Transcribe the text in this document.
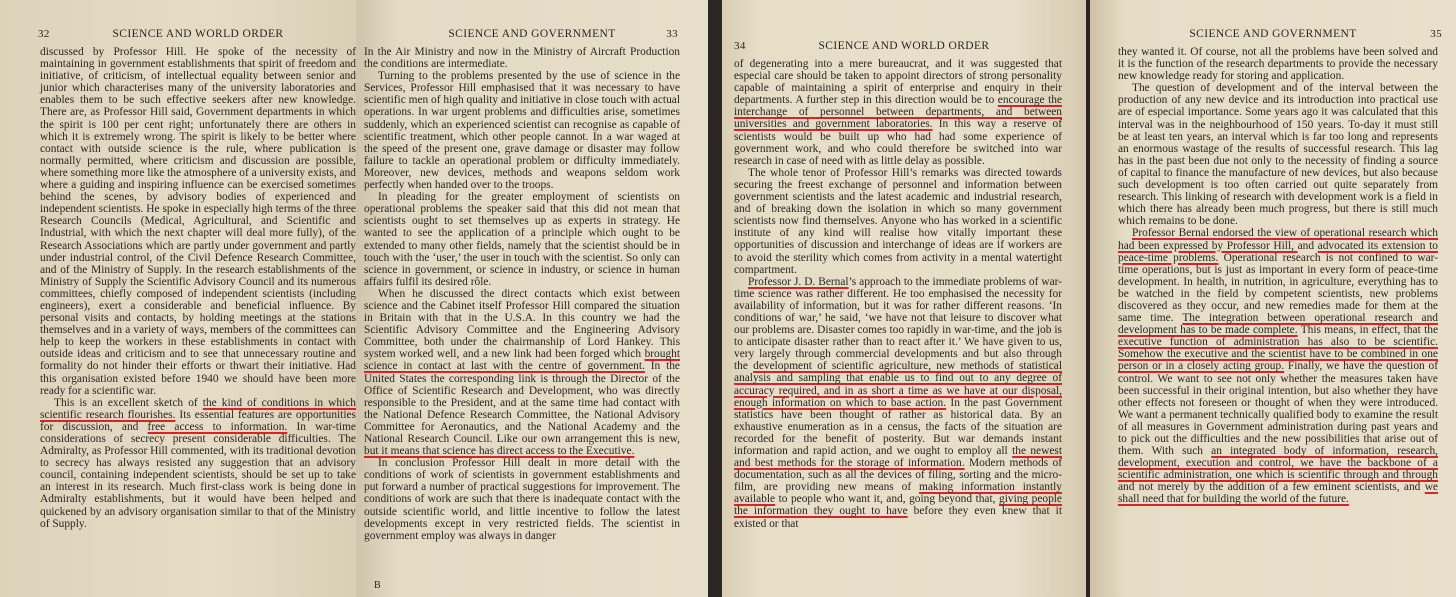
32	SCIENCE AND WORLD ORDER

discussed by Professor Hill. He spoke of the necessity of maintaining in government establishments that spirit of freedom and initiative, of criticism, of intellectual equality between senior and junior which characterises many of the university laboratories and enables them to be such effective seekers after new knowledge. There are, as Professor Hill said, Government departments in which the spirit is 100 per cent right; unfortunately there are others in which it is extremely wrong. The spirit is likely to be better where contact with outside science is the rule, where publication is normally permitted, where criticism and discussion are possible, where something more like the atmosphere of a university exists, and where a guiding and inspiring influence can be exercised sometimes behind the scenes, by advisory bodies of experienced and independent scientists. He spoke in especially high terms of the three Research Councils (Medical, Agricultural, and Scientific and Industrial, with which the next chapter will deal more fully), of the Research Associations which are partly under government and partly under industrial control, of the Civil Defence Research Committee, and of the Ministry of Supply. In the research establishments of the Ministry of Supply the Scientific Advisory Council and its numerous committees, chiefly composed of independent scientists (including engineers), exert a considerable and beneficial influence. By personal visits and contacts, by holding meetings at the stations themselves and in a variety of ways, members of the committees can help to keep the workers in these establishments in contact with outside ideas and criticism and to see that unnecessary routine and formality do not hinder their efforts or thwart their initiative. Had this organisation existed before 1940 we should have been more ready for a scientific war.

This is an excellent sketch of the kind of conditions in which scientific research flourishes. Its essential features are opportunities for discussion, and free access to information. In war-time considerations of secrecy present considerable difficulties. The Admiralty, as Professor Hill commented, with its traditional devotion to secrecy has always resisted any suggestion that an advisory council, containing independent scientists, should be set up to take an interest in its research. Much first-class work is being done in Admiralty establishments, but it would have been helped and quickened by an advisory organisation similar to that of the Ministry of Supply.

SCIENCE AND GOVERNMENT	33

In the Air Ministry and now in the Ministry of Aircraft Production the conditions are intermediate.

Turning to the problems presented by the use of science in the Services, Professor Hill emphasised that it was necessary to have scientific men of high quality and initiative in close touch with actual operations. In war urgent problems and difficulties arise, sometimes suddenly, which an experienced scientist can recognise as capable of scientific treatment, which other people cannot. In a war waged at the speed of the present one, grave damage or disaster may follow failure to tackle an operational problem or difficulty immediately. Moreover, new devices, methods and weapons seldom work perfectly when handed over to the troops.

In pleading for the greater employment of scientists on operational problems the speaker said that this did not mean that scientists ought to set themselves up as experts in strategy. He wanted to see the application of a principle which ought to be extended to many other fields, namely that the scientist should be in touch with the ‘user,’ the user in touch with the scientist. So only can science in government, or science in industry, or science in human affairs fulfil its desired rôle.

When he discussed the direct contacts which exist between science and the Cabinet itself Professor Hill compared the situation in Britain with that in the U.S.A. In this country we had the Scientific Advisory Committee and the Engineering Advisory Committee, both under the chairmanship of Lord Hankey. This system worked well, and a new link had been forged which brought science in contact at last with the centre of government. In the United States the corresponding link is through the Director of the Office of Scientific Research and Development, who was directly responsible to the President, and at the same time had contact with the National Defence Research Committee, the National Advisory Committee for Aeronautics, and the National Academy and the National Research Council. Like our own arrangement this is new, but it means that science has direct access to the Executive.

In conclusion Professor Hill dealt in more detail with the conditions of work of scientists in government establishments and put forward a number of practical suggestions for improvement. The conditions of work are such that there is inadequate contact with the outside scientific world, and little incentive to follow the latest developments except in very restricted fields. The scientist in government employ was always in danger

B
34	SCIENCE AND WORLD ORDER

of degenerating into a mere bureaucrat, and it was suggested that especial care should be taken to appoint directors of strong personality capable of maintaining a spirit of enterprise and enquiry in their departments. A further step in this direction would be to encourage the interchange of personnel between departments, and between universities and government laboratories. In this way a reserve of scientists would be built up who had had some experience of government work, and who could therefore be switched into war research in case of need with as little delay as possible.

The whole tenor of Professor Hill’s remarks was directed towards securing the freest exchange of personnel and information between government scientists and the latest academic and industrial research, and of breaking down the isolation in which so many government scientists now find themselves. Anyone who has worked in a scientific institute of any kind will realise how vitally important these opportunities of discussion and interchange of ideas are if workers are to avoid the sterility which comes from activity in a mental watertight compartment.

Professor J. D. Bernal’s approach to the immediate problems of war-time science was rather different. He too emphasised the necessity for availability of information, but it was for rather different reasons. ‘In conditions of war,’ he said, ‘we have not that leisure to discover what our problems are. Disaster comes too rapidly in war-time, and the job is to anticipate disaster rather than to react after it.’ We have given to us, very largely through commercial developments and but also through the development of scientific agriculture, new methods of statistical analysis and sampling that enable us to find out to any degree of accuracy required, and in as short a time as we have at our disposal, enough information on which to base action. In the past Government statistics have been thought of rather as historical data. By an exhaustive enumeration as in a census, the facts of the situation are recorded for the benefit of posterity. But war demands instant information and rapid action, and we ought to employ all the newest and best methods for the storage of information. Modern methods of documentation, such as all the devices of filing, sorting and the micro-film, are providing new means of making information instantly available to people who want it, and, going beyond that, giving people the information they ought to have before they even knew that it existed or that

SCIENCE AND GOVERNMENT	35

they wanted it. Of course, not all the problems have been solved and it is the function of the research departments to provide the necessary new knowledge ready for storing and application.

The question of development and of the interval between the production of any new device and its introduction into practical use are of especial importance. Some years ago it was calculated that this interval was in the neighbourhood of 150 years. To-day it must still be at least ten years, an interval which is far too long and represents an enormous wastage of the results of successful research. This lag has in the past been due not only to the necessity of finding a source of capital to finance the manufacture of new devices, but also because such development is too often carried out quite separately from research. This linking of research with development work is a field in which there has already been much progress, but there is still much which remains to be done.

Professor Bernal endorsed the view of operational research which had been expressed by Professor Hill, and advocated its extension to peace-time problems. Operational research is not confined to war-time operations, but is just as important in every form of peace-time development. In health, in nutrition, in agriculture, everything has to be watched in the field by competent scientists, new problems discovered as they occur, and new remedies made for them at the same time. The integration between operational research and development has to be made complete. This means, in effect, that the executive function of administration has also to be scientific. Somehow the executive and the scientist have to be combined in one person or in a closely acting group. Finally, we have the question of control. We want to see not only whether the measures taken have been successful in their original intention, but also whether they have other effects not foreseen or thought of when they were introduced. We want a permanent technically qualified body to examine the result of all measures in Government administration during past years and to pick out the difficulties and the new possibilities that arise out of them. With such an integrated body of information, research, development, execution and control, we have the backbone of a scientific administration, one which is scientific through and through and not merely by the addition of a few eminent scientists, and we shall need that for building the world of the future.
